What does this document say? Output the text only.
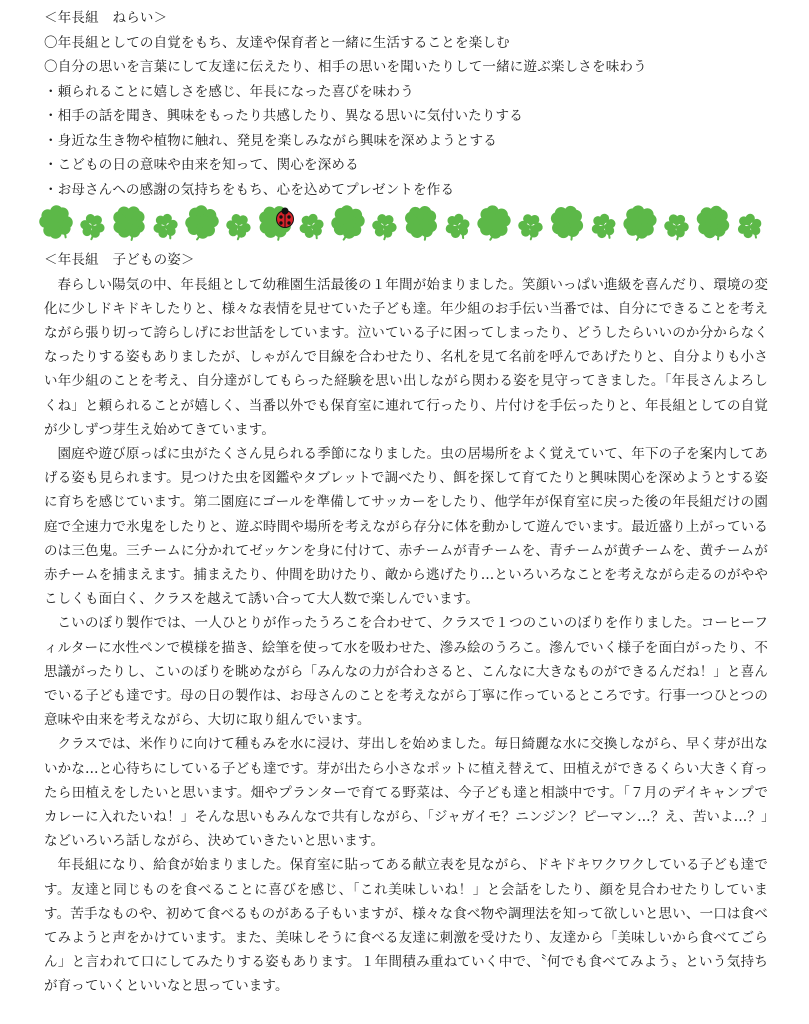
＜年長組　ねらい＞
〇年長組としての自覚をもち、友達や保育者と一緒に生活することを楽しむ
〇自分の思いを言葉にして友達に伝えたり、相手の思いを聞いたりして一緒に遊ぶ楽しさを味わう
・頼られることに嬉しさを感じ、年長になった喜びを味わう
・相手の話を聞き、興味をもったり共感したり、異なる思いに気付いたりする
・身近な生き物や植物に触れ、発見を楽しみながら興味を深めようとする
・こどもの日の意味や由来を知って、関心を深める
・お母さんへの感謝の気持ちをもち、心を込めてプレゼントを作る
＜年長組　子どもの姿＞

春らしい陽気の中、年長組として幼稚園生活最後の１年間が始まりました。笑顔いっぱい進級を喜んだり、環境の変化に少しドキドキしたりと、様々な表情を見せていた子ども達。年少組のお手伝い当番では、自分にできることを考えながら張り切って誇らしげにお世話をしています。泣いている子に困ってしまったり、どうしたらいいのか分からなくなったりする姿もありましたが、しゃがんで目線を合わせたり、名札を見て名前を呼んであげたりと、自分よりも小さい年少組のことを考え、自分達がしてもらった経験を思い出しながら関わる姿を見守ってきました。「年長さんよろしくね」と頼られることが嬉しく、当番以外でも保育室に連れて行ったり、片付けを手伝ったりと、年長組としての自覚が少しずつ芽生え始めてきています。

園庭や遊び原っぱに虫がたくさん見られる季節になりました。虫の居場所をよく覚えていて、年下の子を案内してあげる姿も見られます。見つけた虫を図鑑やタブレットで調べたり、餌を探して育てたりと興味関心を深めようとする姿に育ちを感じています。第二園庭にゴールを準備してサッカーをしたり、他学年が保育室に戻った後の年長組だけの園庭で全速力で氷鬼をしたりと、遊ぶ時間や場所を考えながら存分に体を動かして遊んでいます。最近盛り上がっているのは三色鬼。三チームに分かれてゼッケンを身に付けて、赤チームが青チームを、青チームが黄チームを、黄チームが赤チームを捕まえます。捕まえたり、仲間を助けたり、敵から逃げたり…といろいろなことを考えながら走るのがややこしくも面白く、クラスを越えて誘い合って大人数で楽しんでいます。

こいのぼり製作では、一人ひとりが作ったうろこを合わせて、クラスで１つのこいのぼりを作りました。コーヒーフィルターに水性ペンで模様を描き、絵筆を使って水を吸わせた、滲み絵のうろこ。滲んでいく様子を面白がったり、不思議がったりし、こいのぼりを眺めながら「みんなの力が合わさると、こんなに大きなものができるんだね！」と喜んでいる子ども達です。母の日の製作は、お母さんのことを考えながら丁寧に作っているところです。行事一つひとつの意味や由来を考えながら、大切に取り組んでいます。

クラスでは、米作りに向けて種もみを水に浸け、芽出しを始めました。毎日綺麗な水に交換しながら、早く芽が出ないかな…と心待ちにしている子ども達です。芽が出たら小さなポットに植え替えて、田植えができるくらい大きく育ったら田植えをしたいと思います。畑やプランターで育てる野菜は、今子ども達と相談中です。「７月のデイキャンプでカレーに入れたいね！」そんな思いもみんなで共有しながら、「ジャガイモ？ニンジン？ピーマン…？え、苦いよ…？」などいろいろ話しながら、決めていきたいと思います。

年長組になり、給食が始まりました。保育室に貼ってある献立表を見ながら、ドキドキワクワクしている子ども達です。友達と同じものを食べることに喜びを感じ、「これ美味しいね！」と会話をしたり、顔を見合わせたりしています。苦手なものや、初めて食べるものがある子もいますが、様々な食べ物や調理法を知って欲しいと思い、一口は食べてみようと声をかけています。また、美味しそうに食べる友達に刺激を受けたり、友達から「美味しいから食べてごらん」と言われて口にしてみたりする姿もあります。１年間積み重ねていく中で、〝何でも食べてみよう〟という気持ちが育っていくといいなと思っています。
